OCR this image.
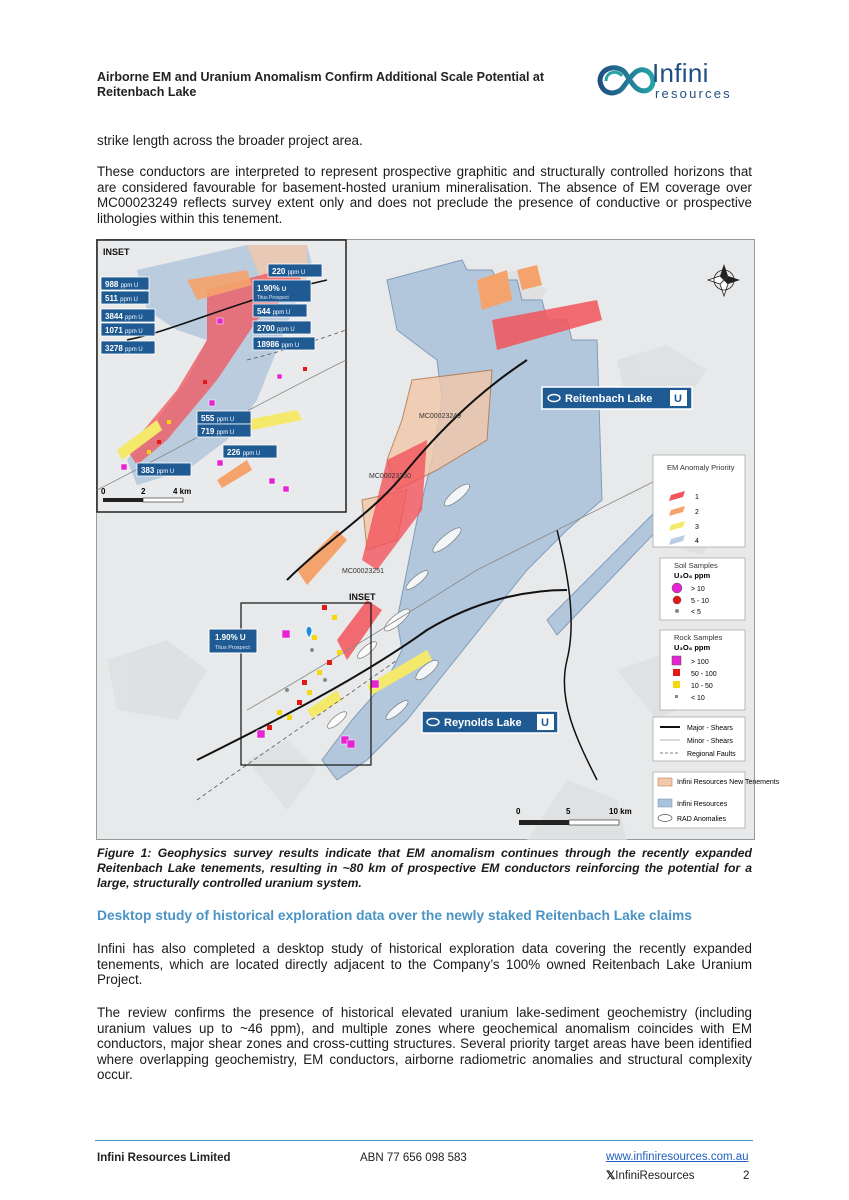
Airborne EM and Uranium Anomalism Confirm Additional Scale Potential at Reitenbach Lake
Infini
resources
strike length across the broader project area.
These conductors are interpreted to represent prospective graphitic and structurally controlled horizons that are considered favourable for basement-hosted uranium mineralisation. The absence of EM coverage over MC00023249 reflects survey extent only and does not preclude the presence of conductive or prospective lithologies within this tenement.
INSET
MC00023249
MC00023250
MC00023251
1.90% U
Titus Prospect
Reitenbach Lake U
Reynolds Lake U
INSET
0	2	4 km
220 ppm U
1.90% U
Titus Prospect
988 ppm U
511 ppm U
544 ppm U
3844 ppm U
1071 ppm U	2700 ppm U
3278 ppm U
18986 ppm U
555 ppm U
719 ppm U
226 ppm U
383 ppm U	EM Anomaly Priority
1
2
3
4
Soil Samples
U₃O₈ ppm
> 10
5 - 10
< 5
Rock Samples
U₃O₈ ppm
> 100
50 - 100
10 - 50
< 10
Major - Shears
Minor - Shears
Regional Faults
Infini Resources New Tenements
Infini Resources
RAD Anomalies
0	5	10 km
Figure 1: Geophysics survey results indicate that EM anomalism continues through the recently expanded Reitenbach Lake tenements, resulting in ~80 km of prospective EM conductors reinforcing the potential for a large, structurally controlled uranium system.
Desktop study of historical exploration data over the newly staked Reitenbach Lake claims
Infini has also completed a desktop study of historical exploration data covering the recently expanded tenements, which are located directly adjacent to the Company’s 100% owned Reitenbach Lake Uranium Project.
The review confirms the presence of historical elevated uranium lake-sediment geochemistry (including uranium values up to ~46 ppm), and multiple zones where geochemical anomalism coincides with EM conductors, major shear zones and cross-cutting structures. Several priority target areas have been identified where overlapping geochemistry, EM conductors, airborne radiometric anomalies and structural complexity occur.
Infini Resources Limited	ABN 77 656 098 583	www.infiniresources.com.au
𝕏InfiniResources	2
